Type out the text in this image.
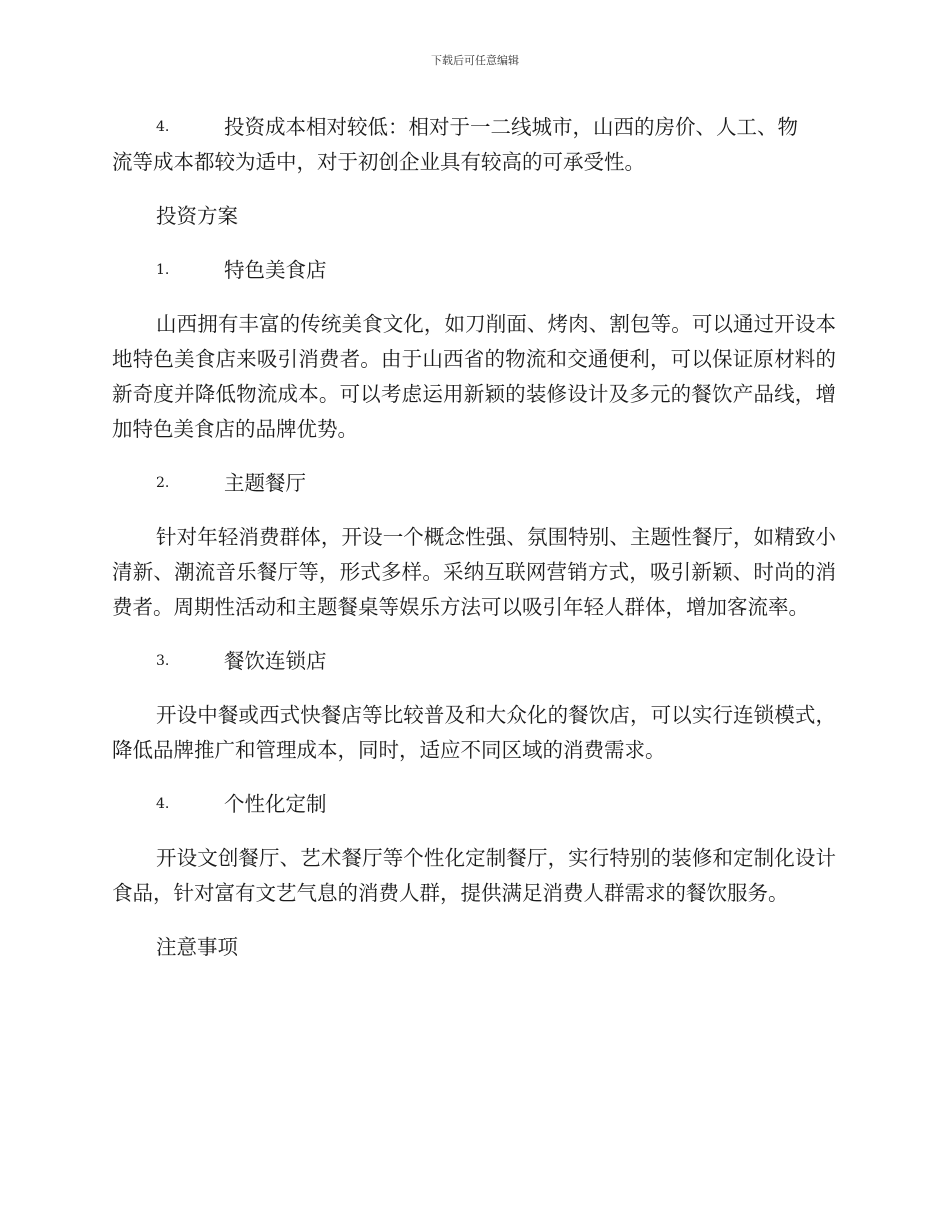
下载后可任意编辑
4.	投资成本相对较低：相对于一二线城市，山西的房价、人工、物
流等成本都较为适中，对于初创企业具有较高的可承受性。
投资方案
1.	特色美食店
山西拥有丰富的传统美食文化，如刀削面、烤肉、割包等。可以通过开设本地特色美食店来吸引消费者。由于山西省的物流和交通便利，可以保证原材料的新奇度并降低物流成本。可以考虑运用新颖的装修设计及多元的餐饮产品线，增加特色美食店的品牌优势。
2.	主题餐厅
针对年轻消费群体，开设一个概念性强、氛围特别、主题性餐厅，如精致小清新、潮流音乐餐厅等，形式多样。采纳互联网营销方式，吸引新颖、时尚的消费者。周期性活动和主题餐桌等娱乐方法可以吸引年轻人群体，增加客流率。
3.	餐饮连锁店
开设中餐或西式快餐店等比较普及和大众化的餐饮店，可以实行连锁模式，降低品牌推广和管理成本，同时，适应不同区域的消费需求。
4.	个性化定制
开设文创餐厅、艺术餐厅等个性化定制餐厅，实行特别的装修和定制化设计食品，针对富有文艺气息的消费人群，提供满足消费人群需求的餐饮服务。
注意事项
